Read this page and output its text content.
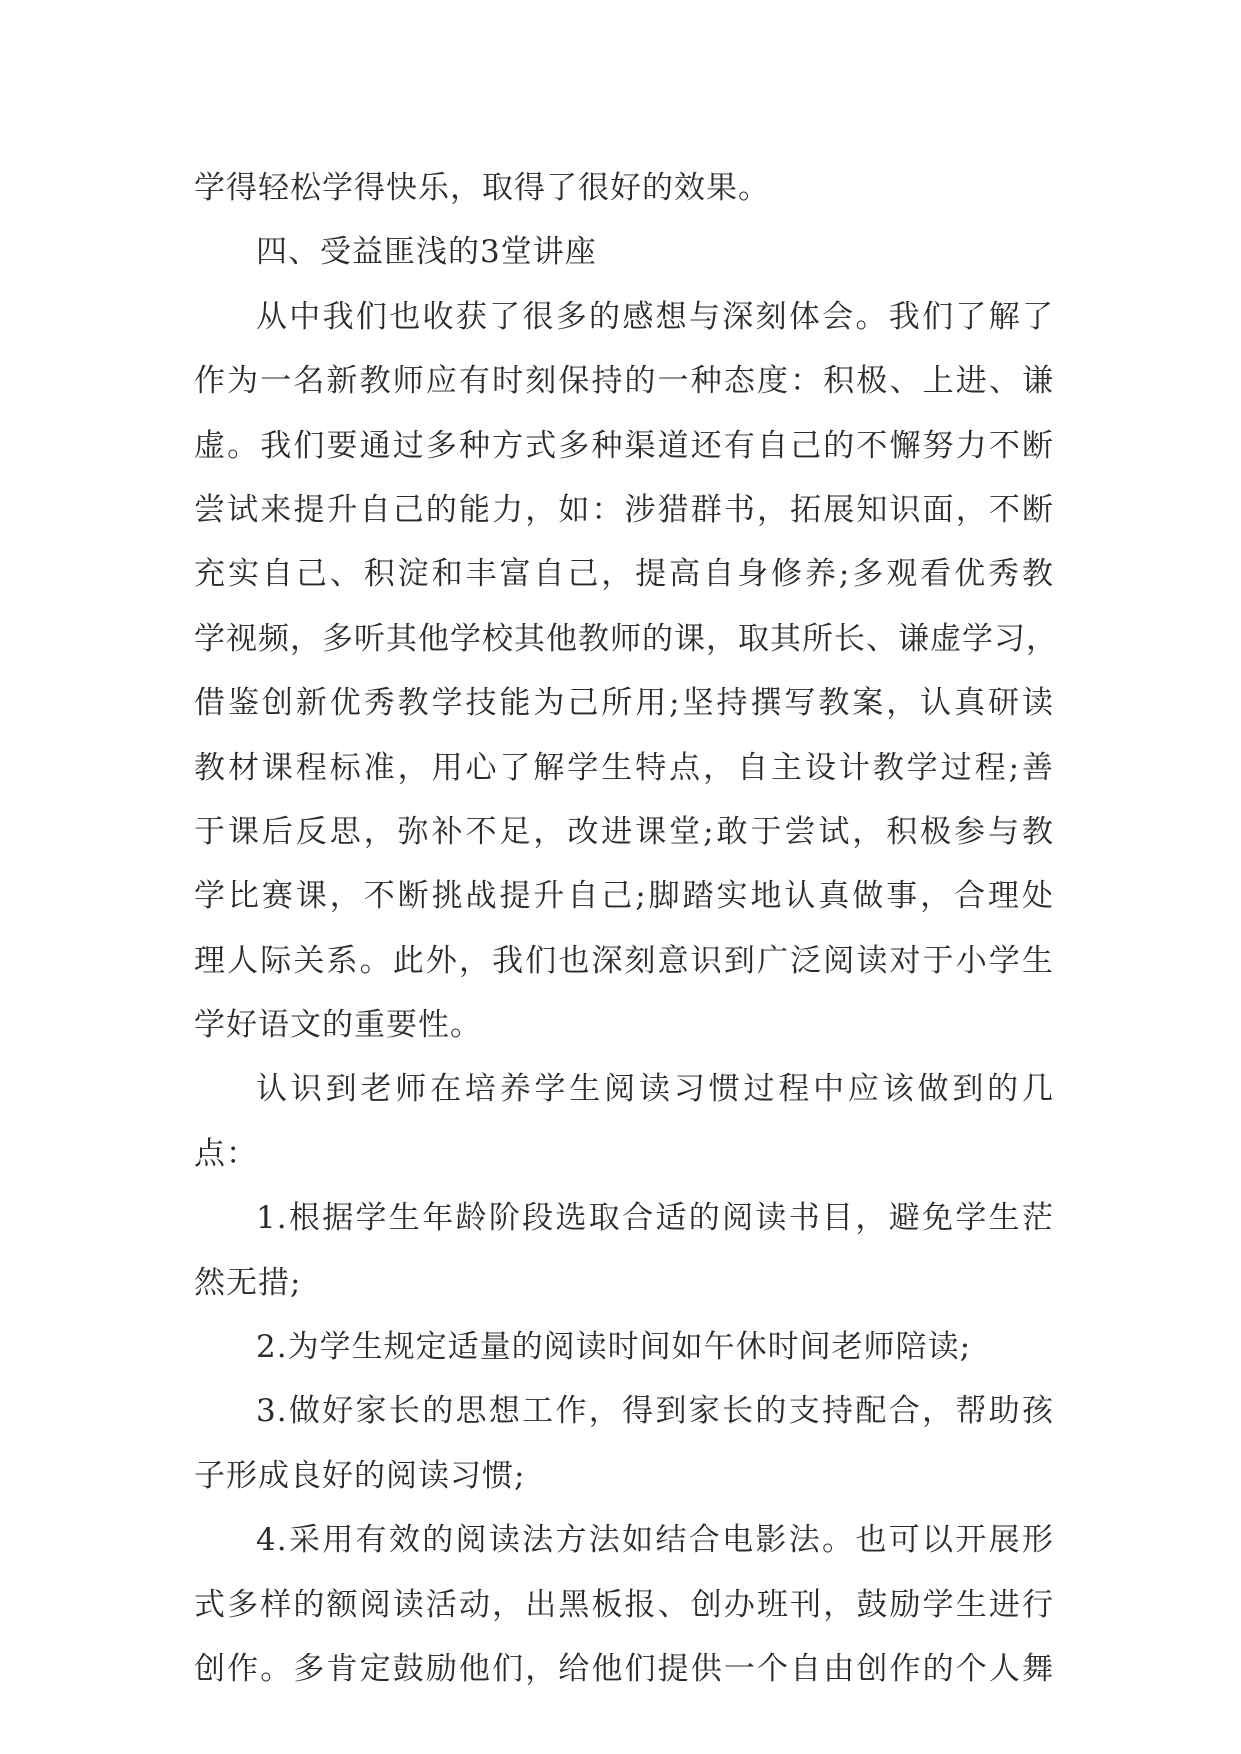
学得轻松学得快乐，取得了很好的效果。
四、受益匪浅的3堂讲座
从中我们也收获了很多的感想与深刻体会。我们了解了
作为一名新教师应有时刻保持的一种态度：积极、上进、谦
虚。我们要通过多种方式多种渠道还有自己的不懈努力不断
尝试来提升自己的能力，如：涉猎群书，拓展知识面，不断
充实自己、积淀和丰富自己，提高自身修养;多观看优秀教
学视频，多听其他学校其他教师的课，取其所长、谦虚学习，
借鉴创新优秀教学技能为己所用;坚持撰写教案，认真研读
教材课程标准，用心了解学生特点，自主设计教学过程;善
于课后反思，弥补不足，改进课堂;敢于尝试，积极参与教
学比赛课，不断挑战提升自己;脚踏实地认真做事，合理处
理人际关系。此外，我们也深刻意识到广泛阅读对于小学生
学好语文的重要性。
认识到老师在培养学生阅读习惯过程中应该做到的几
点：
1.根据学生年龄阶段选取合适的阅读书目，避免学生茫
然无措;
2.为学生规定适量的阅读时间如午休时间老师陪读;
3.做好家长的思想工作，得到家长的支持配合，帮助孩
子形成良好的阅读习惯;
4.采用有效的阅读法方法如结合电影法。也可以开展形
式多样的额阅读活动，出黑板报、创办班刊，鼓励学生进行
创作。多肯定鼓励他们，给他们提供一个自由创作的个人舞
